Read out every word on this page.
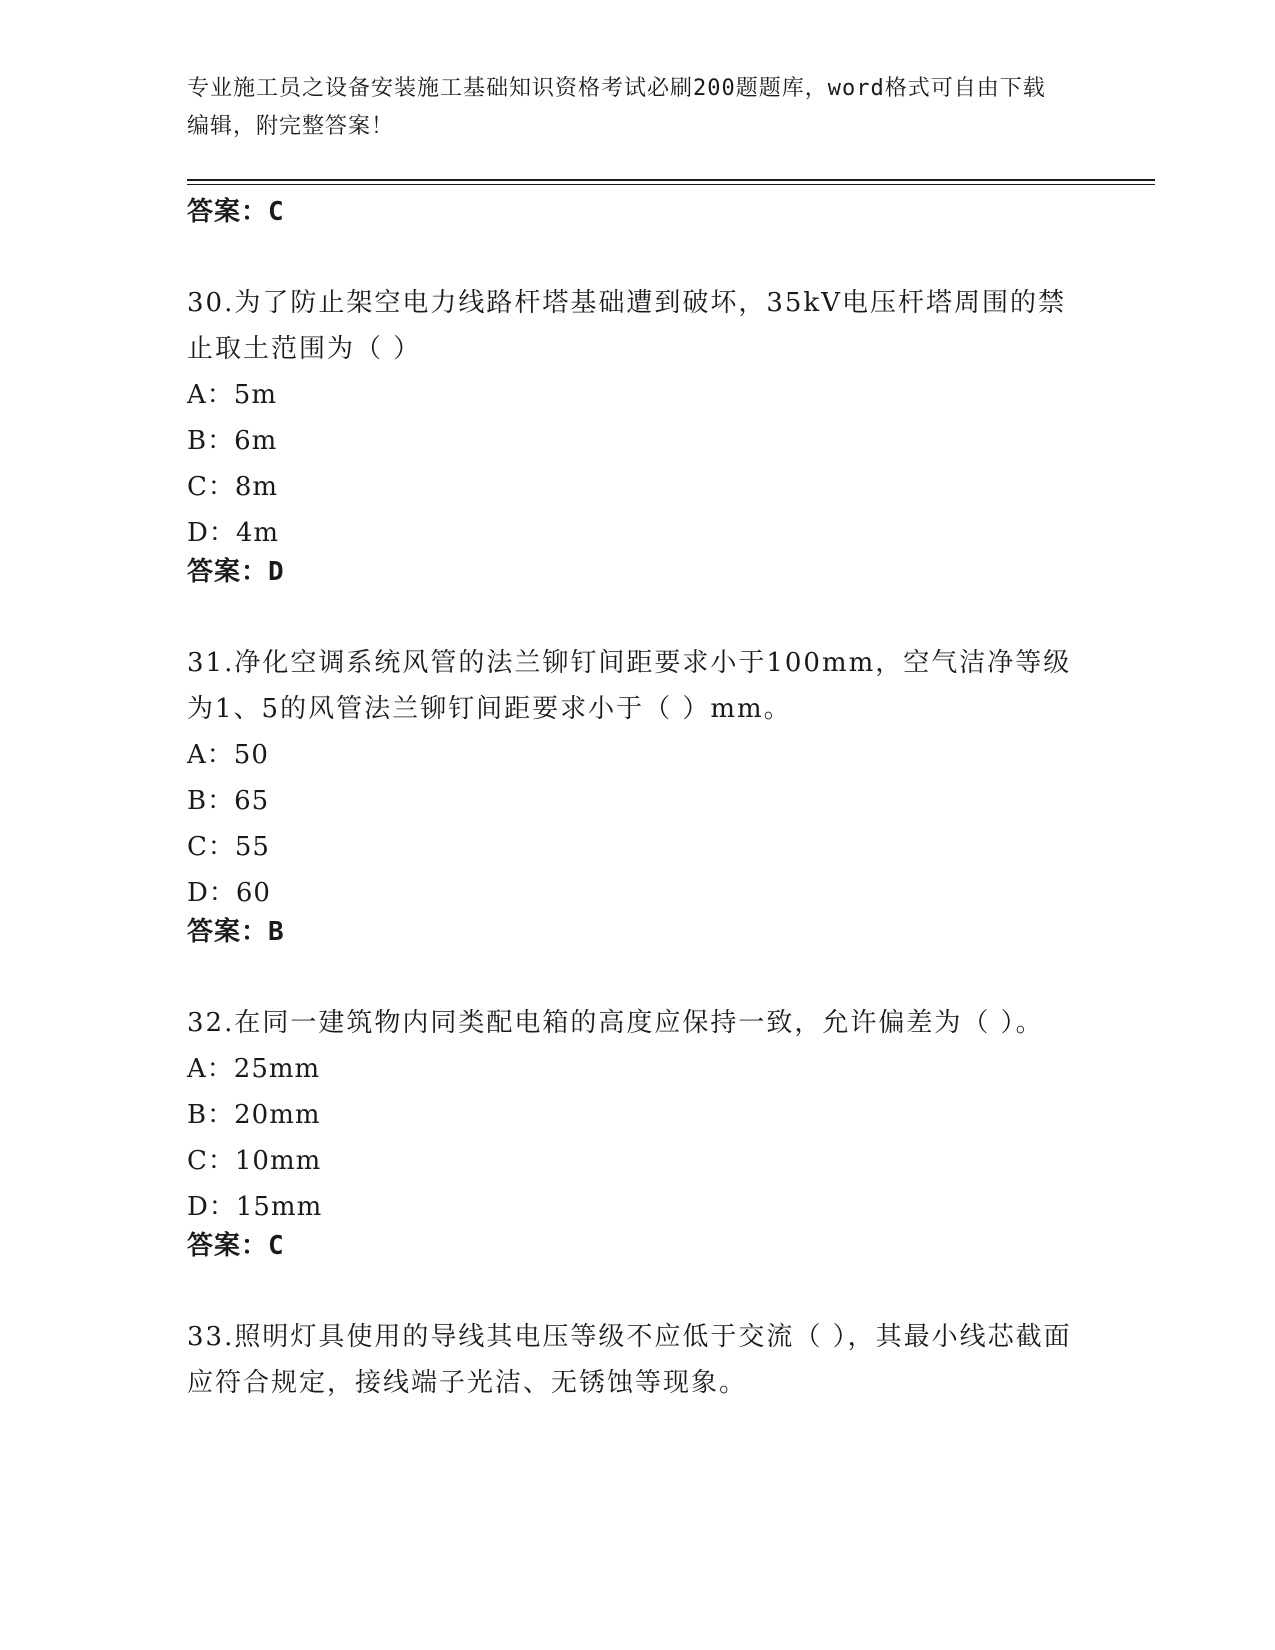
专业施工员之设备安装施工基础知识资格考试必刷200题题库，word格式可自由下载编辑，附完整答案！
答案：C
30.为了防止架空电力线路杆塔基础遭到破坏，35kV电压杆塔周围的禁止取土范围为（ ）
A：5m
B：6m
C：8m
D：4m
答案：D
31.净化空调系统风管的法兰铆钉间距要求小于100mm，空气洁净等级为1、5的风管法兰铆钉间距要求小于（ ）mm。
A：50
B：65
C：55
D：60
答案：B
32.在同一建筑物内同类配电箱的高度应保持一致，允许偏差为（ ）。
A：25mm
B：20mm
C：10mm
D：15mm
答案：C
33.照明灯具使用的导线其电压等级不应低于交流（ ），其最小线芯截面应符合规定，接线端子光洁、无锈蚀等现象。
